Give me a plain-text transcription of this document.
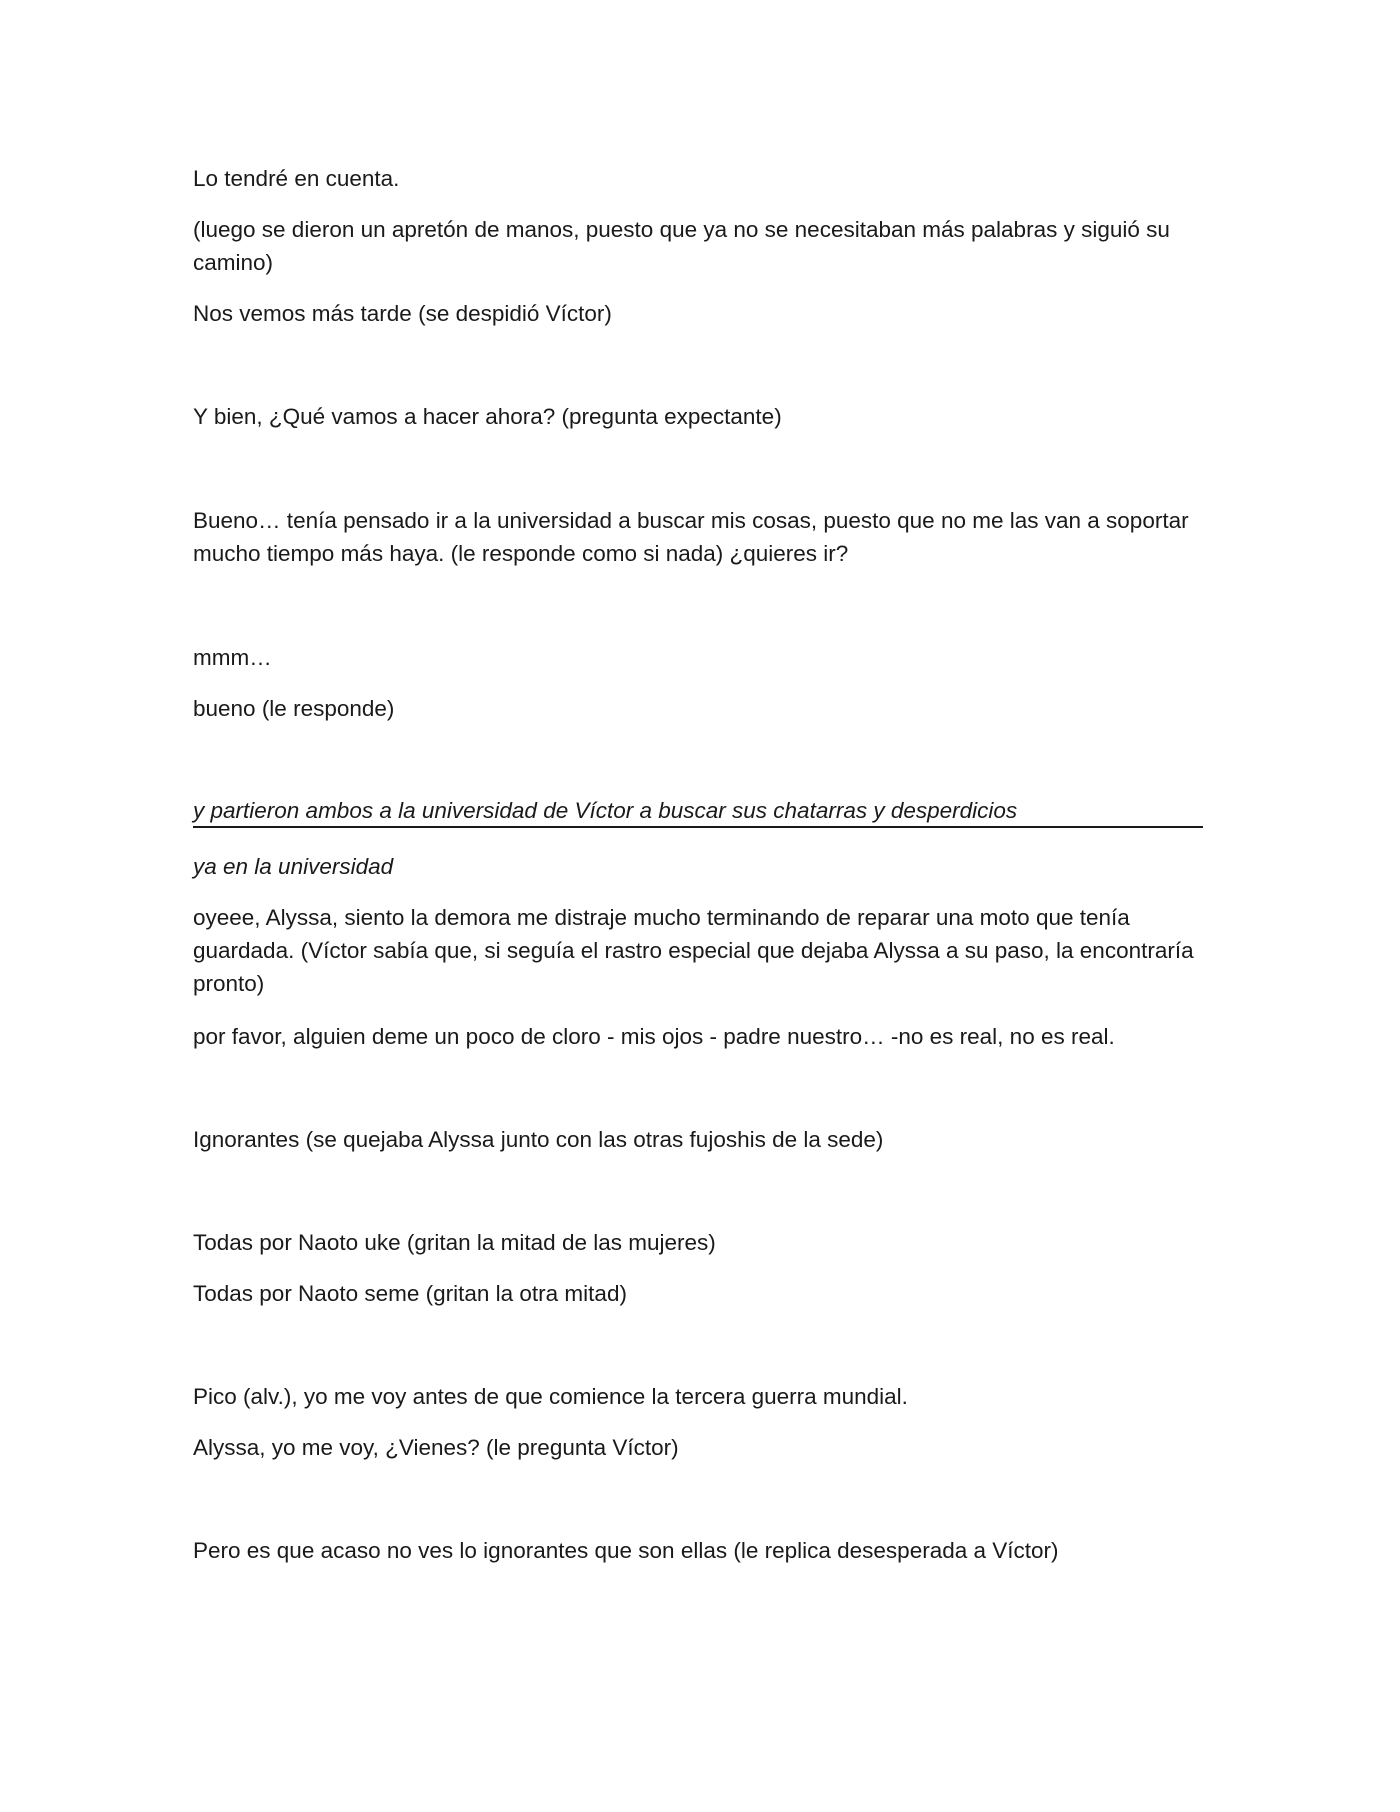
Lo tendré en cuenta.

(luego se dieron un apretón de manos, puesto que ya no se necesitaban más palabras y siguió su camino)

Nos vemos más tarde (se despidió Víctor)

Y bien, ¿Qué vamos a hacer ahora? (pregunta expectante)

Bueno… tenía pensado ir a la universidad a buscar mis cosas, puesto que no me las van a soportar mucho tiempo más haya. (le responde como si nada) ¿quieres ir?

mmm…

bueno (le responde)

y partieron ambos a la universidad de Víctor a buscar sus chatarras y desperdicios

ya en la universidad

oyeee, Alyssa, siento la demora me distraje mucho terminando de reparar una moto que tenía guardada. (Víctor sabía que, si seguía el rastro especial que dejaba Alyssa a su paso, la encontraría pronto)

por favor, alguien deme un poco de cloro - mis ojos - padre nuestro… -no es real, no es real.

Ignorantes (se quejaba Alyssa junto con las otras fujoshis de la sede)

Todas por Naoto uke (gritan la mitad de las mujeres)

Todas por Naoto seme (gritan la otra mitad)

Pico (alv.), yo me voy antes de que comience la tercera guerra mundial.

Alyssa, yo me voy, ¿Vienes? (le pregunta Víctor)

Pero es que acaso no ves lo ignorantes que son ellas (le replica desesperada a Víctor)
